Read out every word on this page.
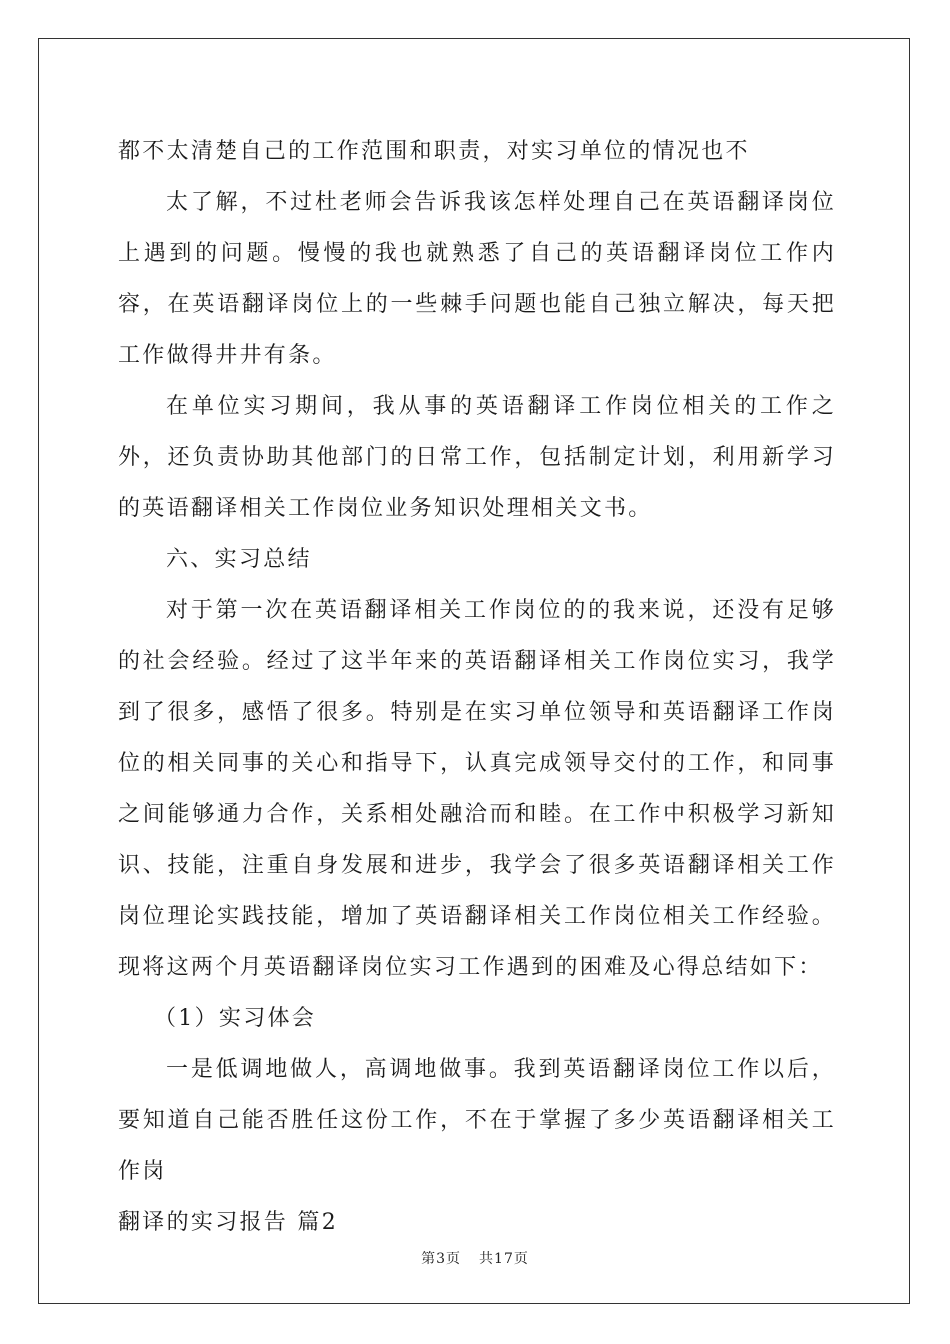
都不太清楚自己的工作范围和职责，对实习单位的情况也不

太了解，不过杜老师会告诉我该怎样处理自己在英语翻译岗位上遇到的问题。慢慢的我也就熟悉了自己的英语翻译岗位工作内容，在英语翻译岗位上的一些棘手问题也能自己独立解决，每天把工作做得井井有条。

在单位实习期间，我从事的英语翻译工作岗位相关的工作之外，还负责协助其他部门的日常工作，包括制定计划，利用新学习的英语翻译相关工作岗位业务知识处理相关文书。

六、实习总结

对于第一次在英语翻译相关工作岗位的的我来说，还没有足够的社会经验。经过了这半年来的英语翻译相关工作岗位实习，我学到了很多，感悟了很多。特别是在实习单位领导和英语翻译工作岗位的相关同事的关心和指导下，认真完成领导交付的工作，和同事之间能够通力合作，关系相处融洽而和睦。在工作中积极学习新知识、技能，注重自身发展和进步，我学会了很多英语翻译相关工作岗位理论实践技能，增加了英语翻译相关工作岗位相关工作经验。现将这两个月英语翻译岗位实习工作遇到的困难及心得总结如下：

（1）实习体会

一是低调地做人，高调地做事。我到英语翻译岗位工作以后，要知道自己能否胜任这份工作，不在于掌握了多少英语翻译相关工作岗

翻译的实习报告 篇2

第3页 共17页
